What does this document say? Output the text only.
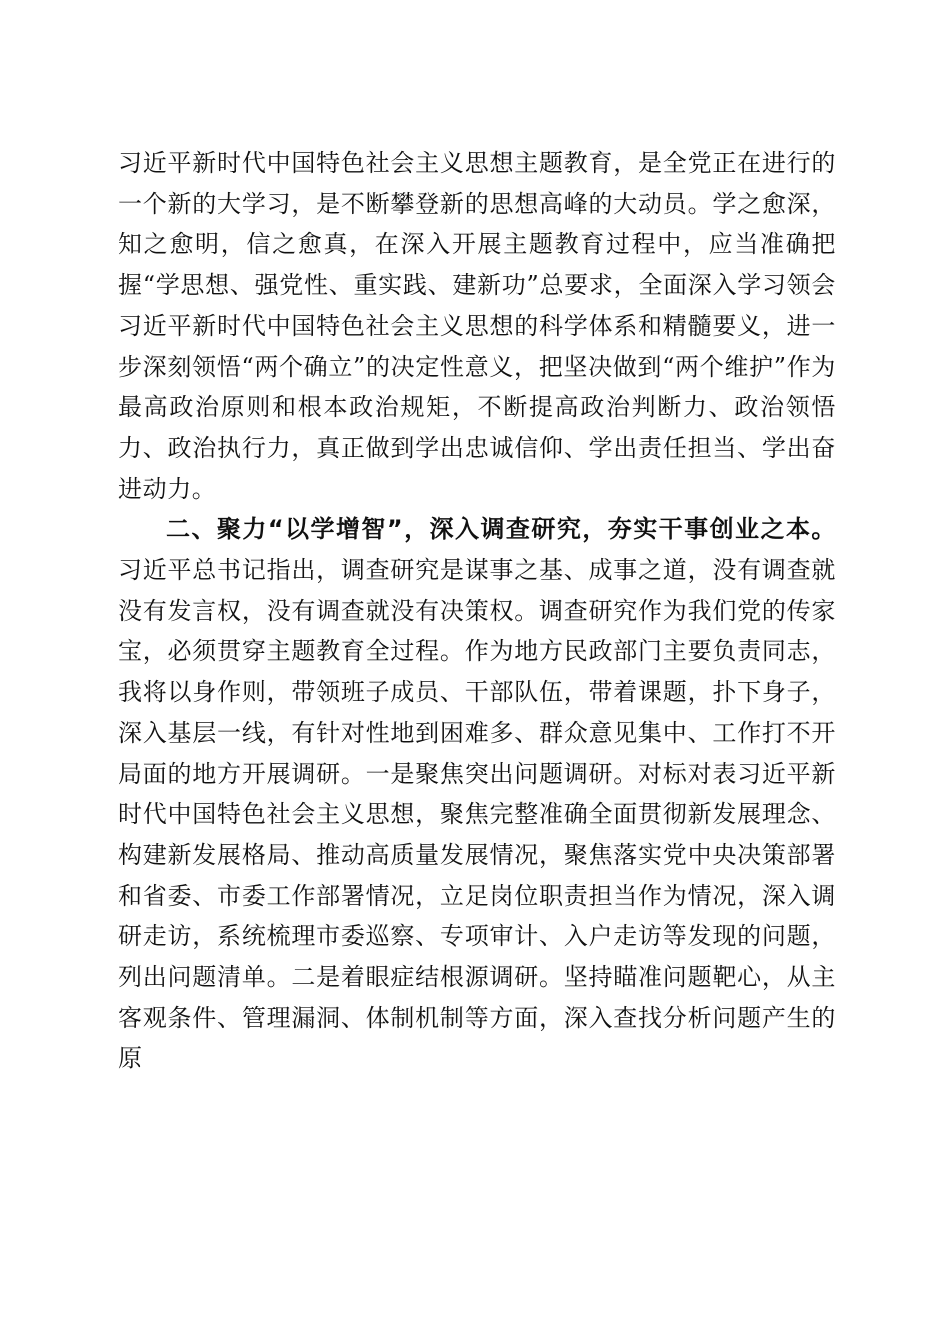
习近平新时代中国特色社会主义思想主题教育，是全党正在进行的一个新的大学习，是不断攀登新的思想高峰的大动员。学之愈深，知之愈明，信之愈真，在深入开展主题教育过程中，应当准确把握“学思想、强党性、重实践、建新功”总要求，全面深入学习领会习近平新时代中国特色社会主义思想的科学体系和精髓要义，进一步深刻领悟“两个确立”的决定性意义，把坚决做到“两个维护”作为最高政治原则和根本政治规矩，不断提高政治判断力、政治领悟力、政治执行力，真正做到学出忠诚信仰、学出责任担当、学出奋进动力。

二、聚力“以学增智”，深入调查研究，夯实干事创业之本。习近平总书记指出，调查研究是谋事之基、成事之道，没有调查就没有发言权，没有调查就没有决策权。调查研究作为我们党的传家宝，必须贯穿主题教育全过程。作为地方民政部门主要负责同志，我将以身作则，带领班子成员、干部队伍，带着课题，扑下身子，深入基层一线，有针对性地到困难多、群众意见集中、工作打不开局面的地方开展调研。一是聚焦突出问题调研。对标对表习近平新时代中国特色社会主义思想，聚焦完整准确全面贯彻新发展理念、构建新发展格局、推动高质量发展情况，聚焦落实党中央决策部署和省委、市委工作部署情况，立足岗位职责担当作为情况，深入调研走访，系统梳理市委巡察、专项审计、入户走访等发现的问题，列出问题清单。二是着眼症结根源调研。坚持瞄准问题靶心，从主客观条件、管理漏洞、体制机制等方面，深入查找分析问题产生的原
